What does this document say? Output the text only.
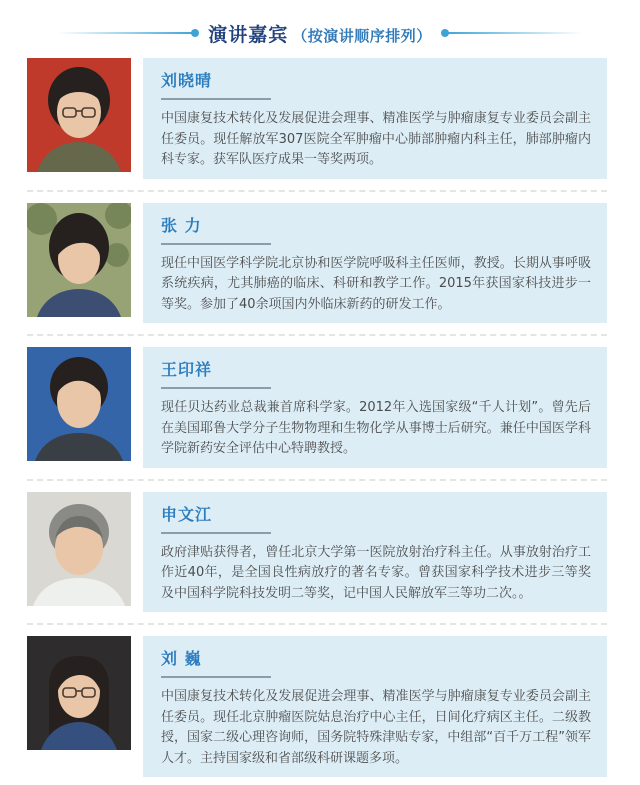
演讲嘉宾 （按演讲顺序排列）
刘晓晴

中国康复技术转化及发展促进会理事、精准医学与肿瘤康复专业委员会副主任委员。现任解放军307医院全军肿瘤中心肺部肿瘤内科主任，肺部肿瘤内科专家。获军队医疗成果一等奖两项。

张 力

现任中国医学科学院北京协和医学院呼吸科主任医师，教授。长期从事呼吸系统疾病，尤其肺癌的临床、科研和教学工作。2015年获国家科技进步一等奖。参加了40余项国内外临床新药的研发工作。

王印祥

现任贝达药业总裁兼首席科学家。2012年入选国家级“千人计划”。曾先后在美国耶鲁大学分子生物物理和生物化学从事博士后研究。兼任中国医学科学院新药安全评估中心特聘教授。

申文江

政府津贴获得者，曾任北京大学第一医院放射治疗科主任。从事放射治疗工作近40年，是全国良性病放疗的著名专家。曾获国家科学技术进步三等奖及中国科学院科技发明二等奖，记中国人民解放军三等功二次。。

刘 巍

中国康复技术转化及发展促进会理事、精准医学与肿瘤康复专业委员会副主任委员。现任北京肿瘤医院姑息治疗中心主任，日间化疗病区主任。二级教授，国家二级心理咨询师，国务院特殊津贴专家，中组部“百千万工程”领军人才。主持国家级和省部级科研课题多项。
